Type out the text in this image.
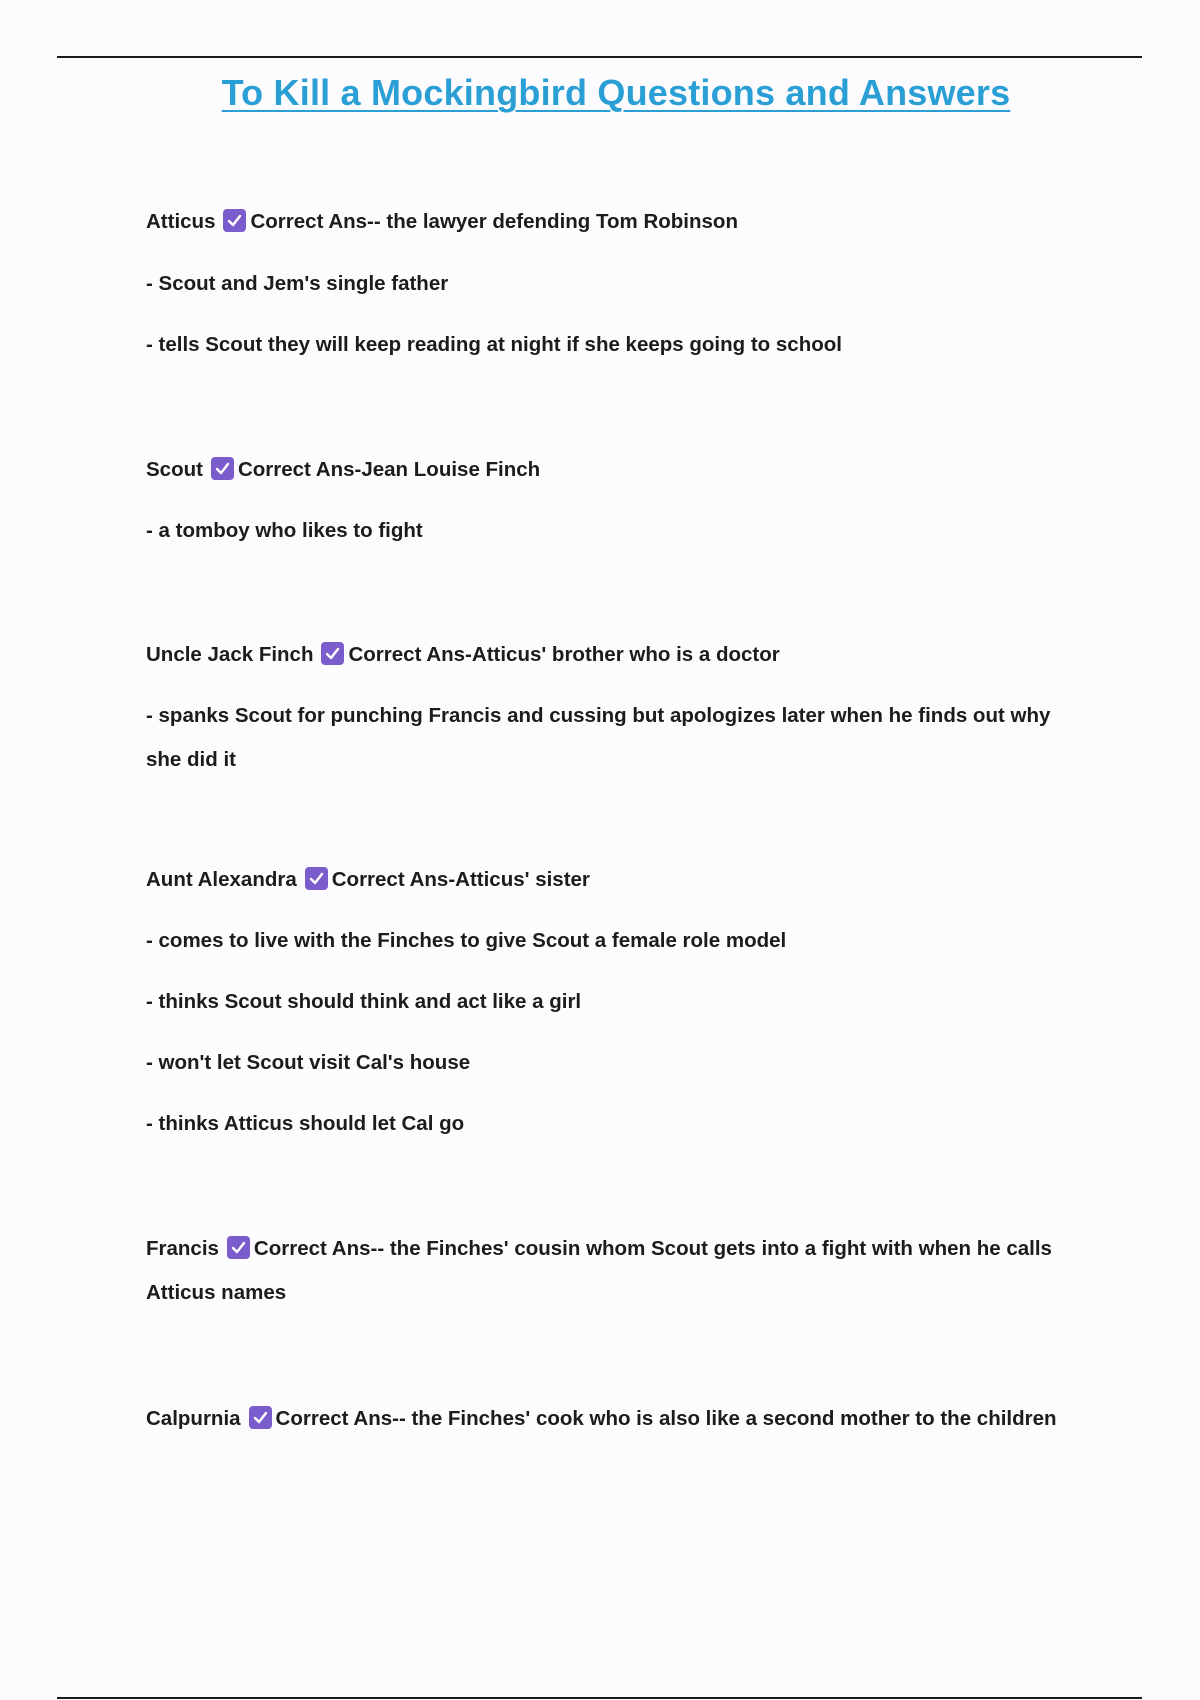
To Kill a Mockingbird Questions and Answers
Atticus Correct Ans-- the lawyer defending Tom Robinson
- Scout and Jem's single father
- tells Scout they will keep reading at night if she keeps going to school
Scout Correct Ans-Jean Louise Finch
- a tomboy who likes to fight
Uncle Jack Finch Correct Ans-Atticus' brother who is a doctor
- spanks Scout for punching Francis and cussing but apologizes later when he finds out why she did it
Aunt Alexandra Correct Ans-Atticus' sister
- comes to live with the Finches to give Scout a female role model
- thinks Scout should think and act like a girl
- won't let Scout visit Cal's house
- thinks Atticus should let Cal go
Francis Correct Ans-- the Finches' cousin whom Scout gets into a fight with when he calls Atticus names
Calpurnia Correct Ans-- the Finches' cook who is also like a second mother to the children
